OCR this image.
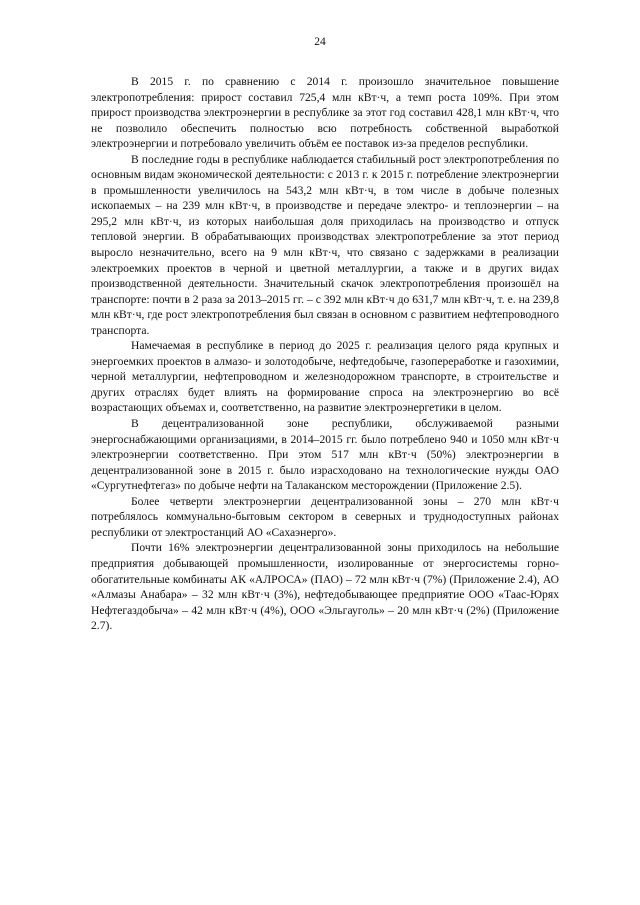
24

В 2015 г. по сравнению с 2014 г. произошло значительное повышение электропотребления: прирост составил 725,4 млн кВт·ч, а темп роста 109%. При этом прирост производства электроэнергии в республике за этот год составил 428,1 млн кВт·ч, что не позволило обеспечить полностью всю потребность собственной выработкой электроэнергии и потребовало увеличить объём ее поставок из-за пределов республики.

В последние годы в республике наблюдается стабильный рост электропотребления по основным видам экономической деятельности: с 2013 г. к 2015 г. потребление электроэнергии в промышленности увеличилось на 543,2 млн кВт·ч, в том числе в добыче полезных ископаемых – на 239 млн кВт·ч, в производстве и передаче электро- и теплоэнергии – на 295,2 млн кВт·ч, из которых наибольшая доля приходилась на производство и отпуск тепловой энергии. В обрабатывающих производствах электропотребление за этот период выросло незначительно, всего на 9 млн кВт·ч, что связано с задержками в реализации электроемких проектов в черной и цветной металлургии, а также и в других видах производственной деятельности. Значительный скачок электропотребления произошёл на транспорте: почти в 2 раза за 2013–2015 гг. – с 392 млн кВт·ч до 631,7 млн кВт·ч, т. е. на 239,8 млн кВт·ч, где рост электропотребления был связан в основном с развитием нефтепроводного транспорта.

Намечаемая в республике в период до 2025 г. реализация целого ряда крупных и энергоемких проектов в алмазо- и золотодобыче, нефтедобыче, газопереработке и газохимии, черной металлургии, нефтепроводном и железнодорожном транспорте, в строительстве и других отраслях будет влиять на формирование спроса на электроэнергию во всё возрастающих объемах и, соответственно, на развитие электроэнергетики в целом.

В децентрализованной зоне республики, обслуживаемой разными энергоснабжающими организациями, в 2014–2015 гг. было потреблено 940 и 1050 млн кВт·ч электроэнергии соответственно. При этом 517 млн кВт·ч (50%) электроэнергии в децентрализованной зоне в 2015 г. было израсходовано на технологические нужды ОАО «Сургутнефтегаз» по добыче нефти на Талаканском месторождении (Приложение 2.5).

Более четверти электроэнергии децентрализованной зоны – 270 млн кВт·ч потреблялось коммунально-бытовым сектором в северных и труднодоступных районах республики от электростанций АО «Сахаэнерго».

Почти 16% электроэнергии децентрализованной зоны приходилось на небольшие предприятия добывающей промышленности, изолированные от энергосистемы горно-обогатительные комбинаты АК «АЛРОСА» (ПАО) – 72 млн кВт·ч (7%) (Приложение 2.4), АО «Алмазы Анабара» – 32 млн кВт·ч (3%), нефтедобывающее предприятие ООО «Таас-Юрях Нефтегаздобыча» – 42 млн кВт·ч (4%), ООО «Эльгауголь» – 20 млн кВт·ч (2%) (Приложение 2.7).
